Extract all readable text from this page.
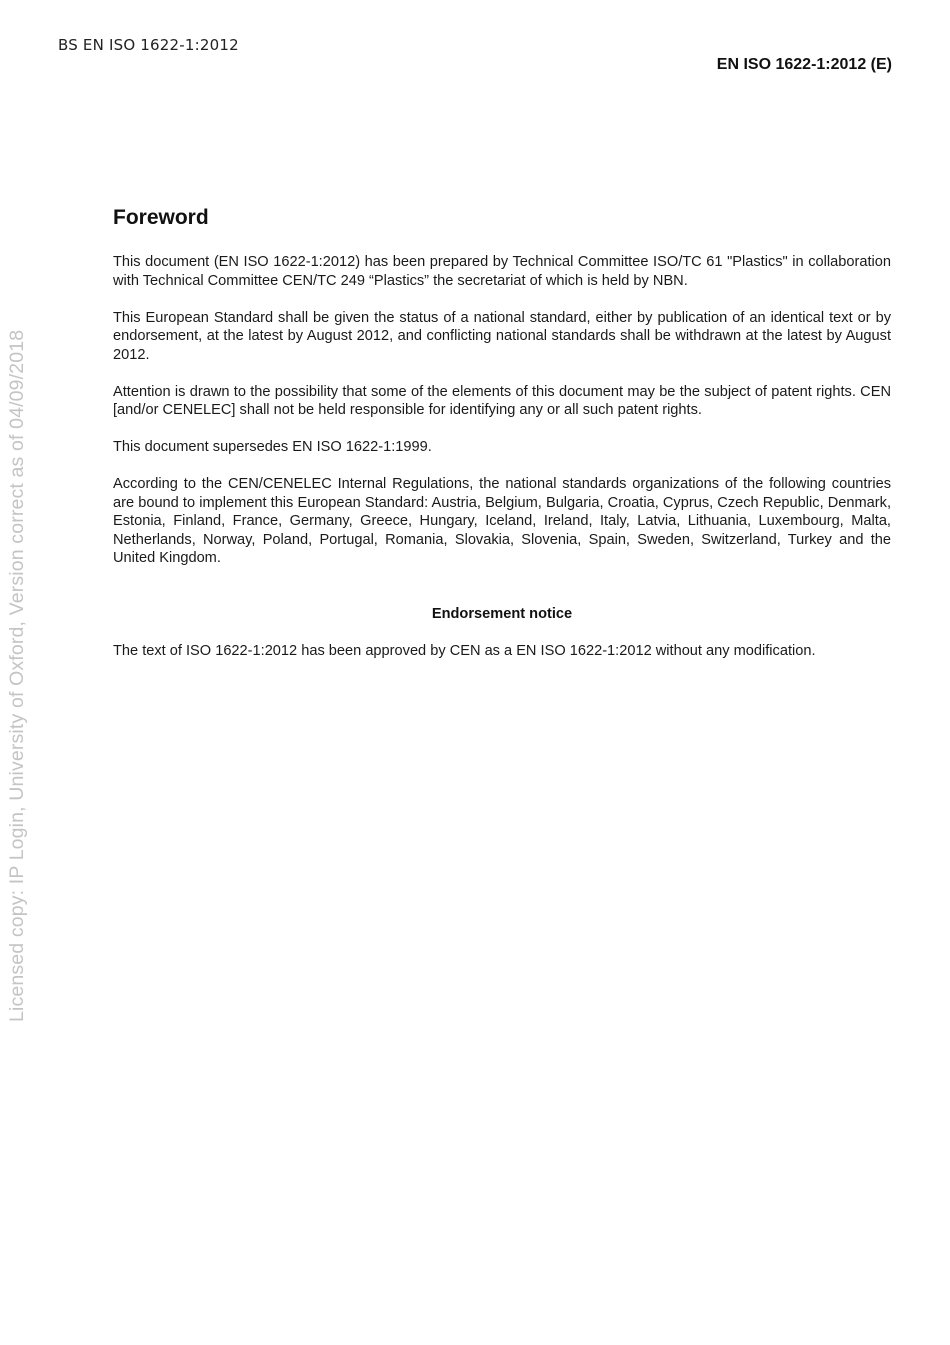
BS EN ISO 1622-1:2012
EN ISO 1622-1:2012 (E)
Licensed copy: IP Login, University of Oxford, Version correct as of 04/09/2018
Foreword

This document (EN ISO 1622-1:2012) has been prepared by Technical Committee ISO/TC 61 "Plastics" in collaboration with Technical Committee CEN/TC 249 “Plastics” the secretariat of which is held by NBN.

This European Standard shall be given the status of a national standard, either by publication of an identical text or by endorsement, at the latest by August 2012, and conflicting national standards shall be withdrawn at the latest by August 2012.

Attention is drawn to the possibility that some of the elements of this document may be the subject of patent rights. CEN [and/or CENELEC] shall not be held responsible for identifying any or all such patent rights.

This document supersedes EN ISO 1622-1:1999.

According to the CEN/CENELEC Internal Regulations, the national standards organizations of the following countries are bound to implement this European Standard: Austria, Belgium, Bulgaria, Croatia, Cyprus, Czech Republic, Denmark, Estonia, Finland, France, Germany, Greece, Hungary, Iceland, Ireland, Italy, Latvia, Lithuania, Luxembourg, Malta, Netherlands, Norway, Poland, Portugal, Romania, Slovakia, Slovenia, Spain, Sweden, Switzerland, Turkey and the United Kingdom.

Endorsement notice

The text of ISO 1622-1:2012 has been approved by CEN as a EN ISO 1622-1:2012 without any modification.
